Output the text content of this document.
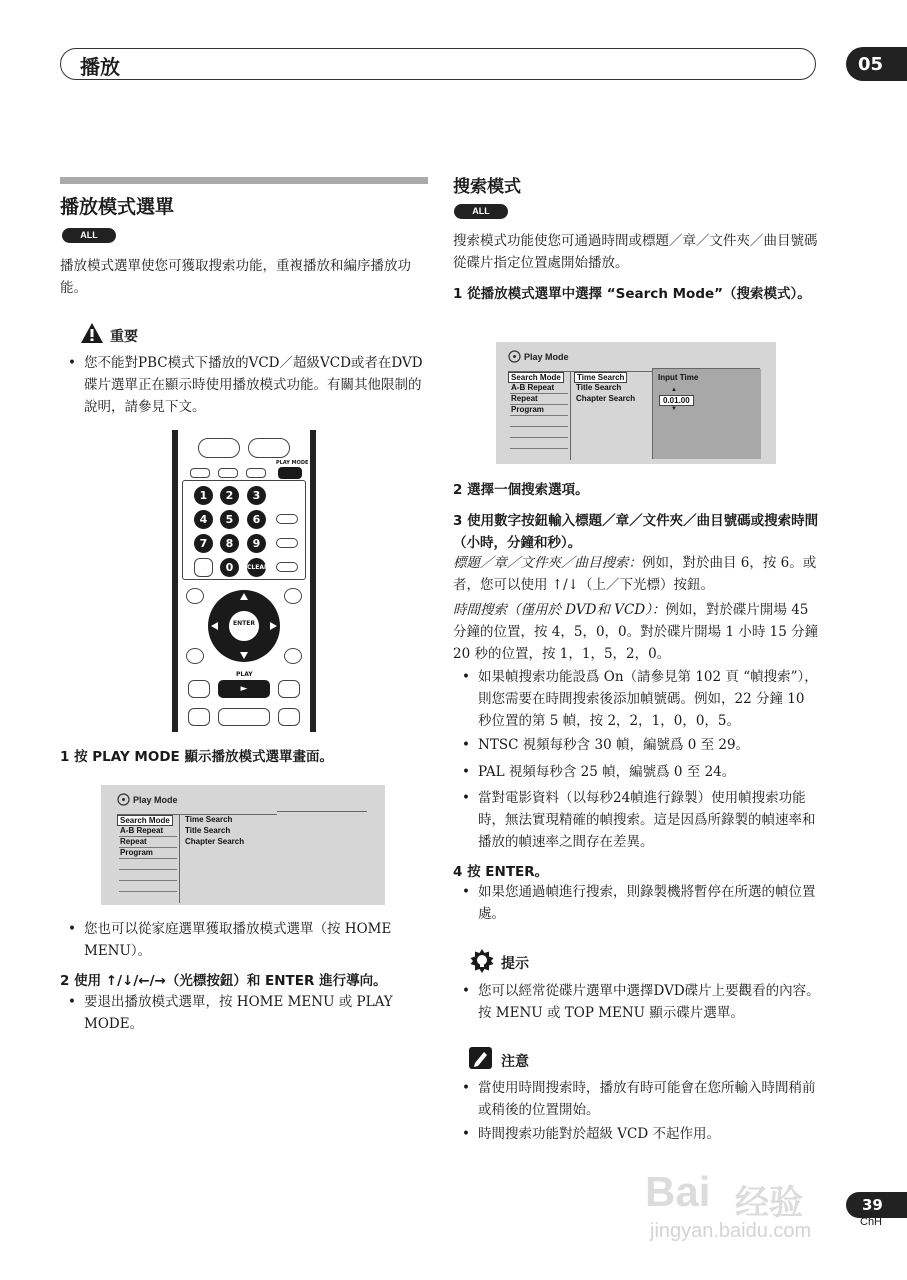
播放	05
播放模式選單
ALL
播放模式選單使您可獲取搜索功能，重複播放和編序播放功能。
重要
• 您不能對PBC模式下播放的VCD／超級VCD或者在DVD碟片選單正在顯示時使用播放模式功能。有關其他限制的說明，請參見下文。
PLAY MODE
1	2	3
4	5	6
7	8	9
0	CLEAR
ENTER
PLAY
►
1 按 PLAY MODE 顯示播放模式選單畫面。
Play Mode
Search Mode
A-B Repeat
Repeat
Program
Time Search
Title Search
Chapter Search
• 您也可以從家庭選單獲取播放模式選單（按 HOME MENU）。
2 使用 ↑/↓/←/→（光標按鈕）和 ENTER 進行導向。
• 要退出播放模式選單，按 HOME MENU 或 PLAY MODE。
搜索模式
ALL
搜索模式功能使您可通過時間或標題／章／文件夾／曲目號碼從碟片指定位置處開始播放。
1 從播放模式選單中選擇 “Search Mode”（搜索模式）。
Play Mode
Search Mode
A-B Repeat
Repeat
Program
Time Search
Title Search
Chapter Search
Input Time
▲
0.01.00
▼
2 選擇一個搜索選項。
3 使用數字按鈕輸入標題／章／文件夾／曲目號碼或搜索時間（小時，分鐘和秒）。
標題／章／文件夾／曲目搜索：例如，對於曲目 6，按 6。或者，您可以使用 ↑/↓（上／下光標）按鈕。
時間搜索（僅用於 DVD和 VCD）：例如，對於碟片開場 45 分鐘的位置，按 4，5，0，0。對於碟片開場 1 小時 15 分鐘 20 秒的位置，按 1，1，5，2，0。
• 如果幀搜索功能設爲 On（請參見第 102 頁 “幀搜索”），則您需要在時間搜索後添加幀號碼。例如，22 分鐘 10 秒位置的第 5 幀，按 2，2，1，0，0，5。
• NTSC 視頻每秒含 30 幀，編號爲 0 至 29。
• PAL 視頻每秒含 25 幀，編號爲 0 至 24。
• 當對電影資料（以每秒24幀進行錄製）使用幀搜索功能時，無法實現精確的幀搜索。這是因爲所錄製的幀速率和播放的幀速率之間存在差異。
4 按 ENTER。
• 如果您通過幀進行搜索，則錄製機將暫停在所選的幀位置處。
提示
• 您可以經常從碟片選單中選擇DVD碟片上要觀看的內容。按 MENU 或 TOP MENU 顯示碟片選單。
注意
• 當使用時間搜索時，播放有時可能會在您所輸入時間稍前或稍後的位置開始。
• 時間搜索功能對於超級 VCD 不起作用。
Bai 经验
jingyan.baidu.com
39
ChH
